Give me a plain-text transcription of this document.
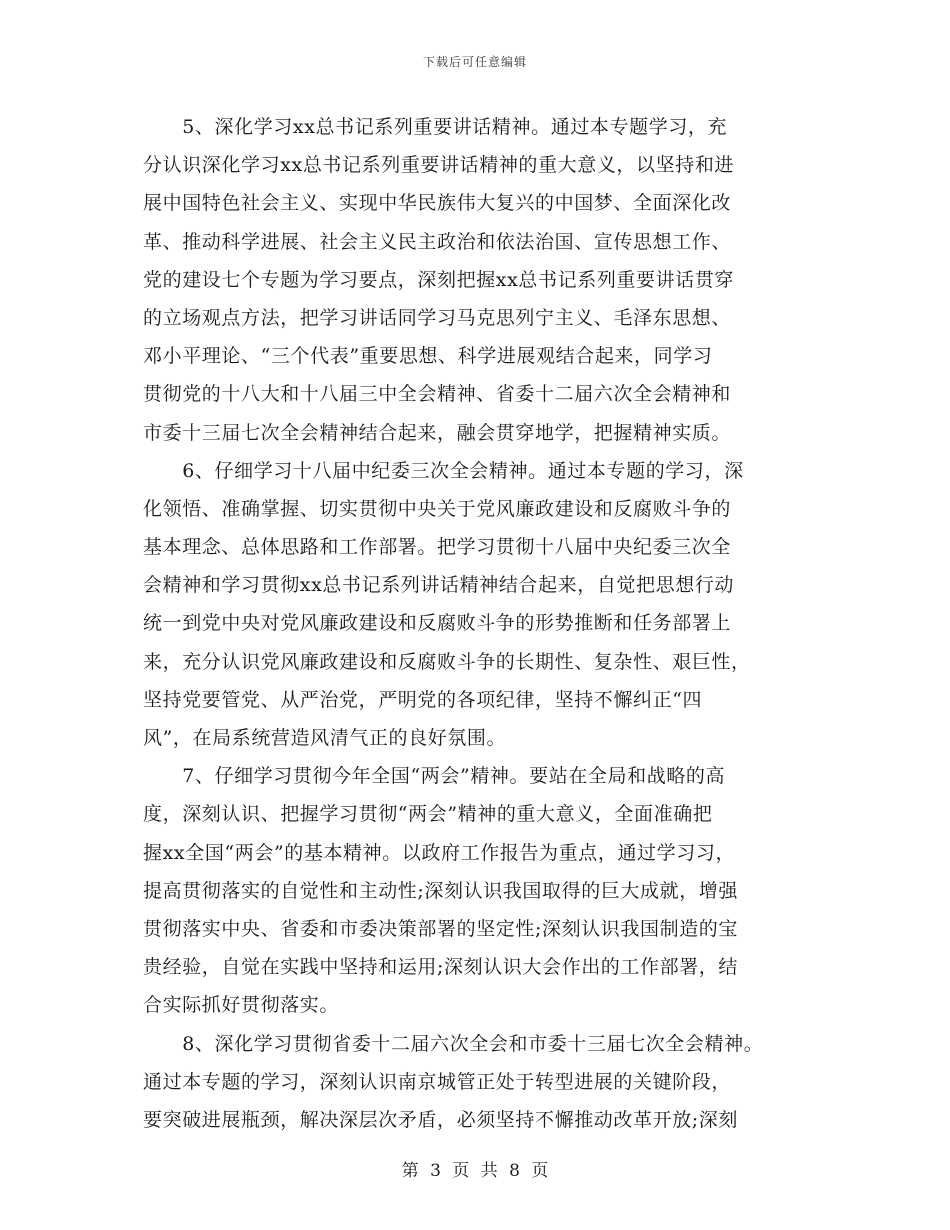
下载后可任意编辑
　　5、深化学习xx总书记系列重要讲话精神。通过本专题学习，充
分认识深化学习xx总书记系列重要讲话精神的重大意义，以坚持和进
展中国特色社会主义、实现中华民族伟大复兴的中国梦、全面深化改
革、推动科学进展、社会主义民主政治和依法治国、宣传思想工作、
党的建设七个专题为学习要点，深刻把握xx总书记系列重要讲话贯穿
的立场观点方法，把学习讲话同学习马克思列宁主义、毛泽东思想、
邓小平理论、“三个代表”重要思想、科学进展观结合起来，同学习
贯彻党的十八大和十八届三中全会精神、省委十二届六次全会精神和
市委十三届七次全会精神结合起来，融会贯穿地学，把握精神实质。
　　6、仔细学习十八届中纪委三次全会精神。通过本专题的学习，深
化领悟、准确掌握、切实贯彻中央关于党风廉政建设和反腐败斗争的
基本理念、总体思路和工作部署。把学习贯彻十八届中央纪委三次全
会精神和学习贯彻xx总书记系列讲话精神结合起来，自觉把思想行动
统一到党中央对党风廉政建设和反腐败斗争的形势推断和任务部署上
来，充分认识党风廉政建设和反腐败斗争的长期性、复杂性、艰巨性，
坚持党要管党、从严治党，严明党的各项纪律，坚持不懈纠正“四
风”，在局系统营造风清气正的良好氛围。
　　7、仔细学习贯彻今年全国“两会”精神。要站在全局和战略的高
度，深刻认识、把握学习贯彻“两会”精神的重大意义，全面准确把
握xx全国“两会”的基本精神。以政府工作报告为重点，通过学习习，
提高贯彻落实的自觉性和主动性;深刻认识我国取得的巨大成就，增强
贯彻落实中央、省委和市委决策部署的坚定性;深刻认识我国制造的宝
贵经验，自觉在实践中坚持和运用;深刻认识大会作出的工作部署，结
合实际抓好贯彻落实。
　　8、深化学习贯彻省委十二届六次全会和市委十三届七次全会精神。
通过本专题的学习，深刻认识南京城管正处于转型进展的关键阶段，
要突破进展瓶颈，解决深层次矛盾，必须坚持不懈推动改革开放;深刻
第 3 页 共 8 页
